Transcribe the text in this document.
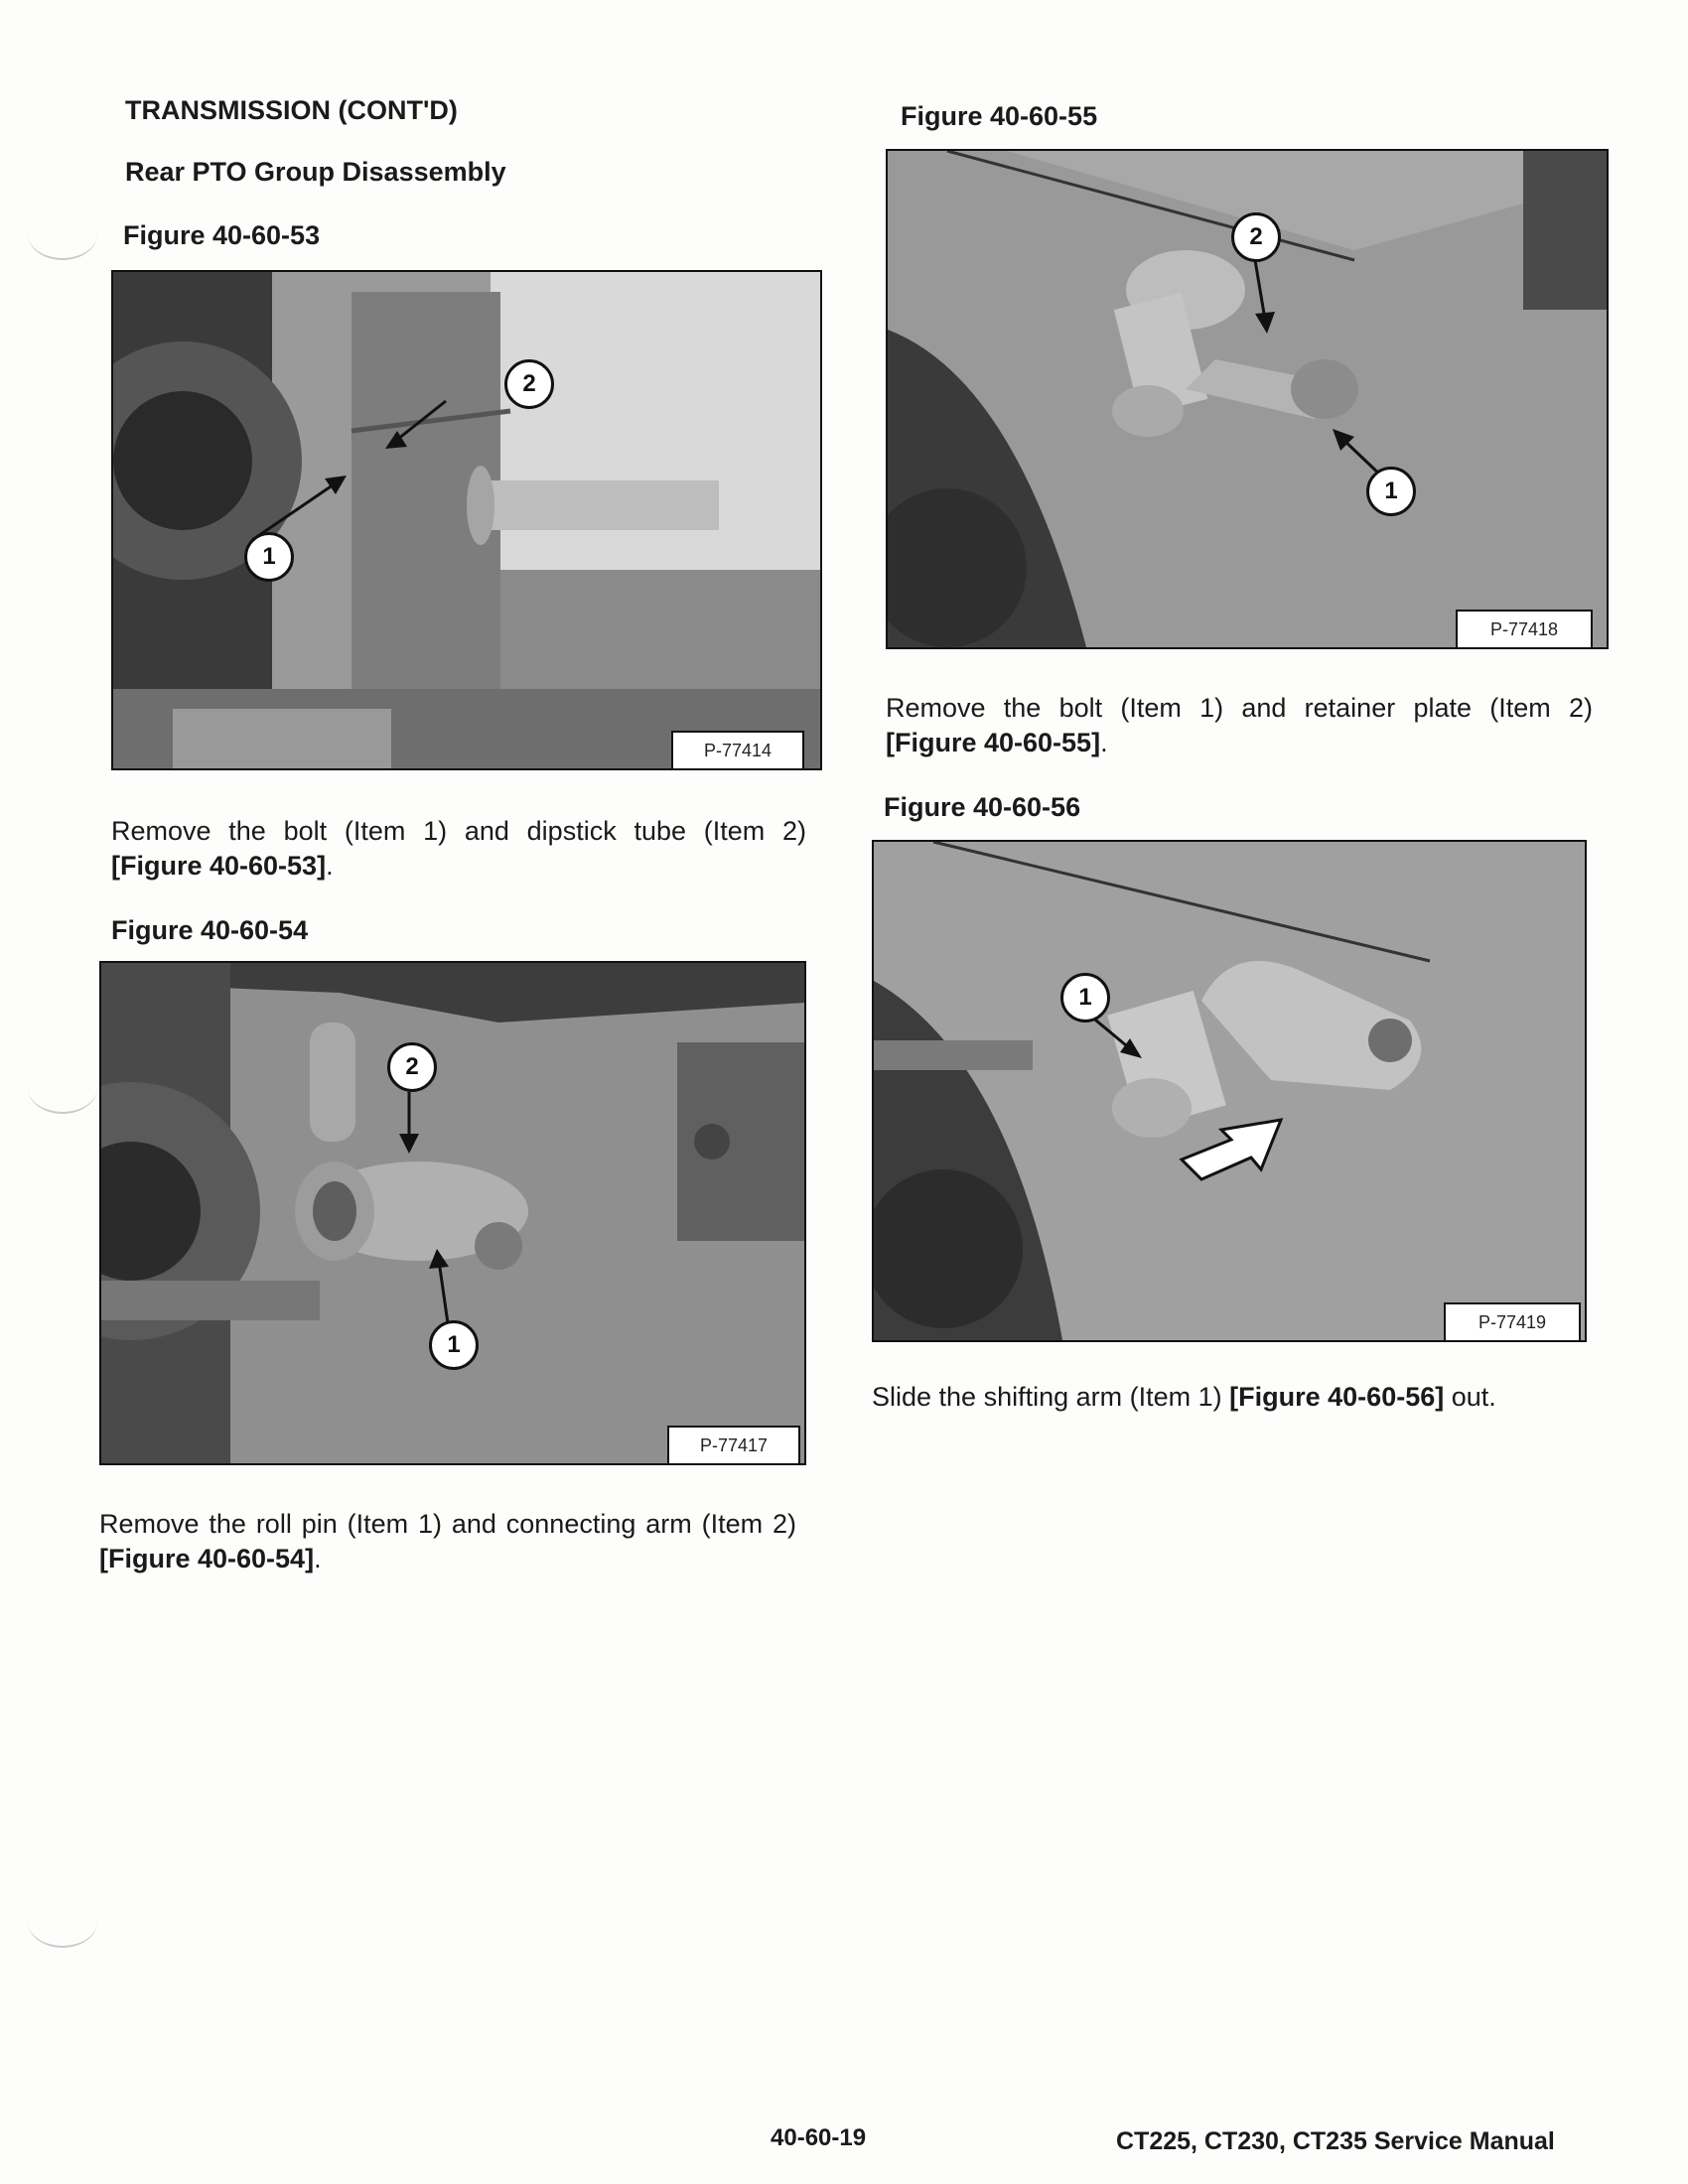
TRANSMISSION (CONT'D)
Rear PTO Group Disassembly
Figure 40-60-53
1
2
P-77414
Remove the bolt (Item 1) and dipstick tube (Item 2)
[Figure 40-60-53].
Figure 40-60-54
2
1
P-77417
Remove the roll pin (Item 1) and connecting arm (Item 2)
[Figure 40-60-54].
Figure 40-60-55
2
1
P-77418
Remove the bolt (Item 1) and retainer plate (Item 2)
[Figure 40-60-55].
Figure 40-60-56
1
P-77419
Slide the shifting arm (Item 1) [Figure 40-60-56] out.
40-60-19	CT225, CT230, CT235 Service Manual
